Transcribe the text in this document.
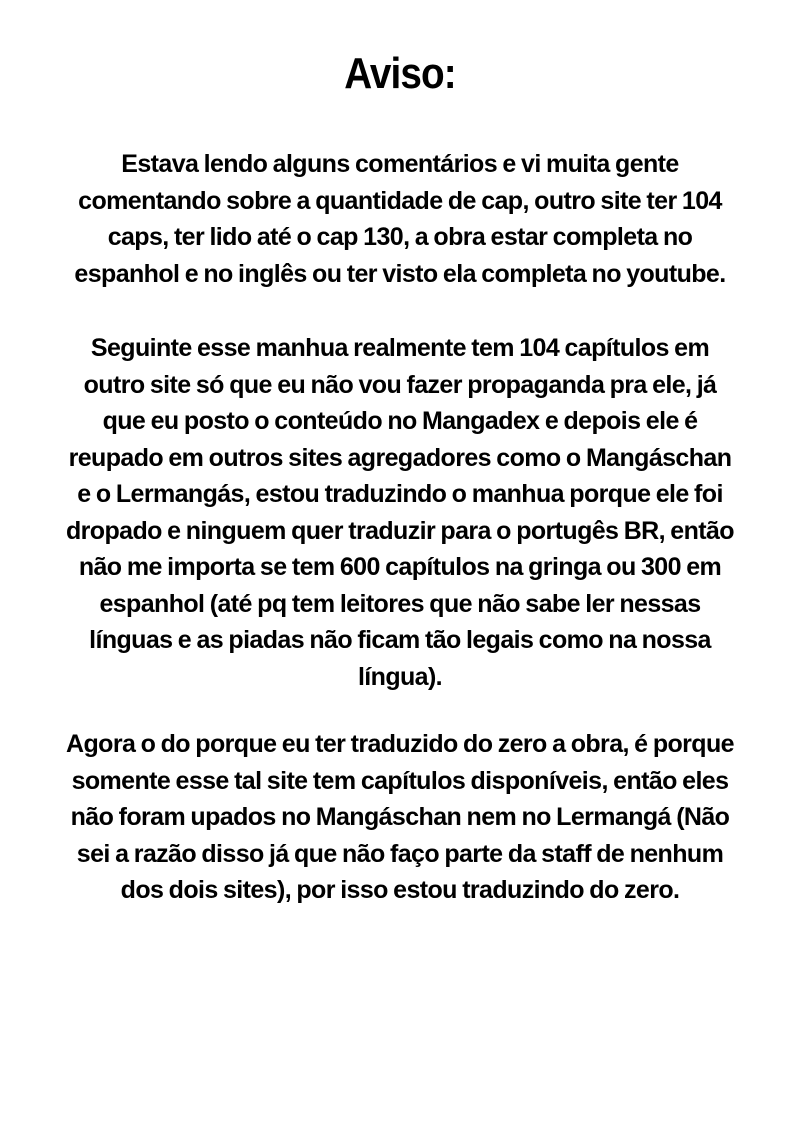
Aviso:
Estava lendo alguns comentários e vi muita gente
comentando sobre a quantidade de cap, outro site ter 104
caps, ter lido até o cap 130, a obra estar completa no
espanhol e no inglês ou ter visto ela completa no youtube.
Seguinte esse manhua realmente tem 104 capítulos em
outro site só que eu não vou fazer propaganda pra ele, já
que eu posto o conteúdo no Mangadex e depois ele é
reupado em outros sites agregadores como o Mangáschan
e o Lermangás, estou traduzindo o manhua porque ele foi
dropado e ninguem quer traduzir para o portugês BR, então
não me importa se tem 600 capítulos na gringa ou 300 em
espanhol (até pq tem leitores que não sabe ler nessas
línguas e as piadas não ficam tão legais como na nossa
língua).
Agora o do porque eu ter traduzido do zero a obra, é porque
somente esse tal site tem capítulos disponíveis, então eles
não foram upados no Mangáschan nem no Lermangá (Não
sei a razão disso já que não faço parte da staff de nenhum
dos dois sites), por isso estou traduzindo do zero.
